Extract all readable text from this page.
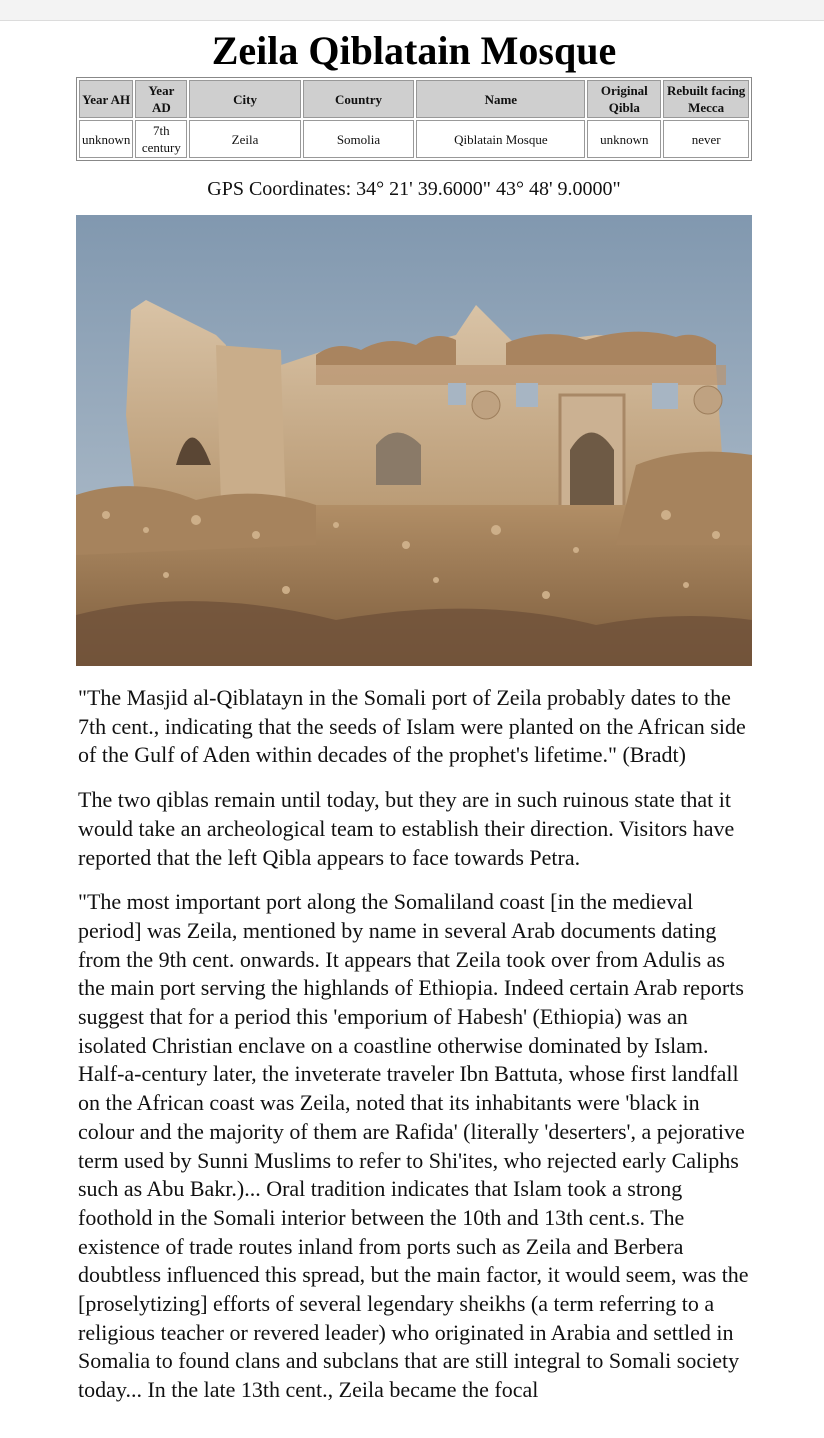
Zeila Qiblatain Mosque
Year AH	Year AD	City	Country	Name	Original Qibla	Rebuilt facing Mecca
unknown	7th century	Zeila	Somolia	Qiblatain Mosque	unknown	never
GPS Coordinates: 34° 21' 39.6000" 43° 48' 9.0000"

"The Masjid al-Qiblatayn in the Somali port of Zeila probably dates to the 7th cent., indicating that the seeds of Islam were planted on the African side of the Gulf of Aden within decades of the prophet's lifetime." (Bradt)

The two qiblas remain until today, but they are in such ruinous state that it would take an archeological team to establish their direction. Visitors have reported that the left Qibla appears to face towards Petra.

"The most important port along the Somaliland coast [in the medieval period] was Zeila, mentioned by name in several Arab documents dating from the 9th cent. onwards. It appears that Zeila took over from Adulis as the main port serving the highlands of Ethiopia. Indeed certain Arab reports suggest that for a period this 'emporium of Habesh' (Ethiopia) was an isolated Christian enclave on a coastline otherwise dominated by Islam. Half-a-century later, the inveterate traveler Ibn Battuta, whose first landfall on the African coast was Zeila, noted that its inhabitants were 'black in colour and the majority of them are Rafida' (literally 'deserters', a pejorative term used by Sunni Muslims to refer to Shi'ites, who rejected early Caliphs such as Abu Bakr.)... Oral tradition indicates that Islam took a strong foothold in the Somali interior between the 10th and 13th cent.s. The existence of trade routes inland from ports such as Zeila and Berbera doubtless influenced this spread, but the main factor, it would seem, was the [proselytizing] efforts of several legendary sheikhs (a term referring to a religious teacher or revered leader) who originated in Arabia and settled in Somalia to found clans and subclans that are still integral to Somali society today... In the late 13th cent., Zeila became the focal
